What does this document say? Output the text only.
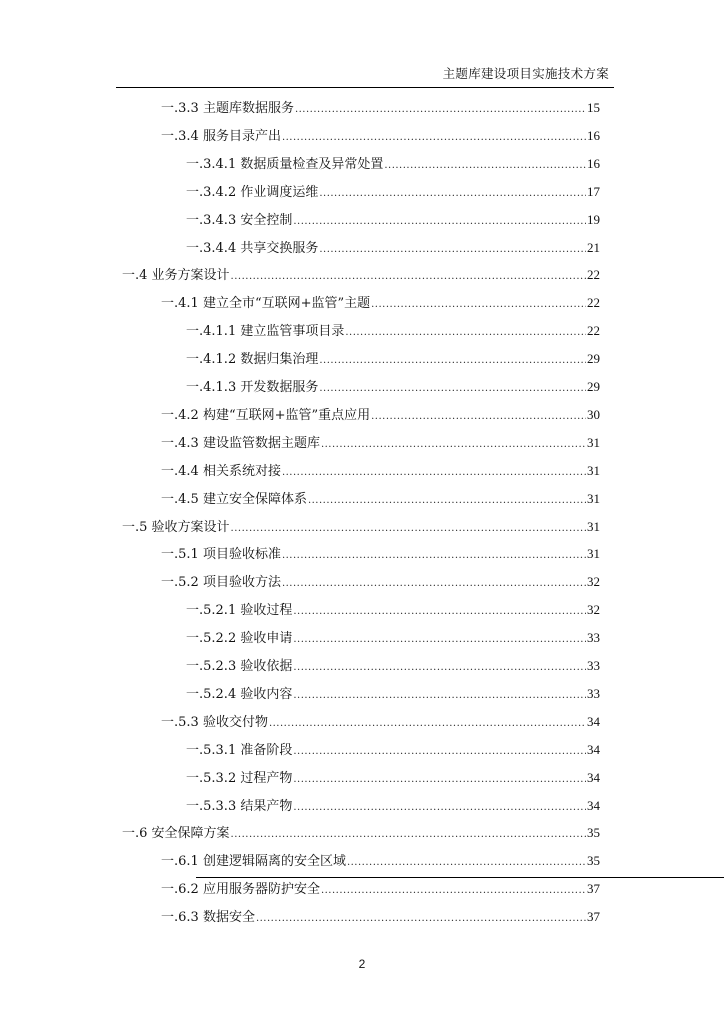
主题库建设项目实施技术方案
一.3.3 主题库数据服务 .....	15
一.3.4 服务目录产出 .....	16
一.3.4.1 数据质量检查及异常处置 .....	16
一.3.4.2 作业调度运维 .....	17
一.3.4.3 安全控制 .....	19
一.3.4.4 共享交换服务 .....	21
一.4 业务方案设计 .....	22
一.4.1 建立全市“互联网+监管”主题 .....	22
一.4.1.1 建立监管事项目录 .....	22
一.4.1.2 数据归集治理 .....	29
一.4.1.3 开发数据服务 .....	29
一.4.2 构建“互联网+监管”重点应用 .....	30
一.4.3 建设监管数据主题库 .....	31
一.4.4 相关系统对接 .....	31
一.4.5 建立安全保障体系 .....	31
一.5 验收方案设计 .....	31
一.5.1 项目验收标准 .....	31
一.5.2 项目验收方法 .....	32
一.5.2.1 验收过程 .....	32
一.5.2.2 验收申请 .....	33
一.5.2.3 验收依据 .....	33
一.5.2.4 验收内容 .....	33
一.5.3 验收交付物 .....	34
一.5.3.1 准备阶段 .....	34
一.5.3.2 过程产物 .....	34
一.5.3.3 结果产物 .....	34
一.6 安全保障方案 .....	35
一.6.1 创建逻辑隔离的安全区域 .....	35
一.6.2 应用服务器防护安全 .....	37
一.6.3 数据安全 .....	37
2
